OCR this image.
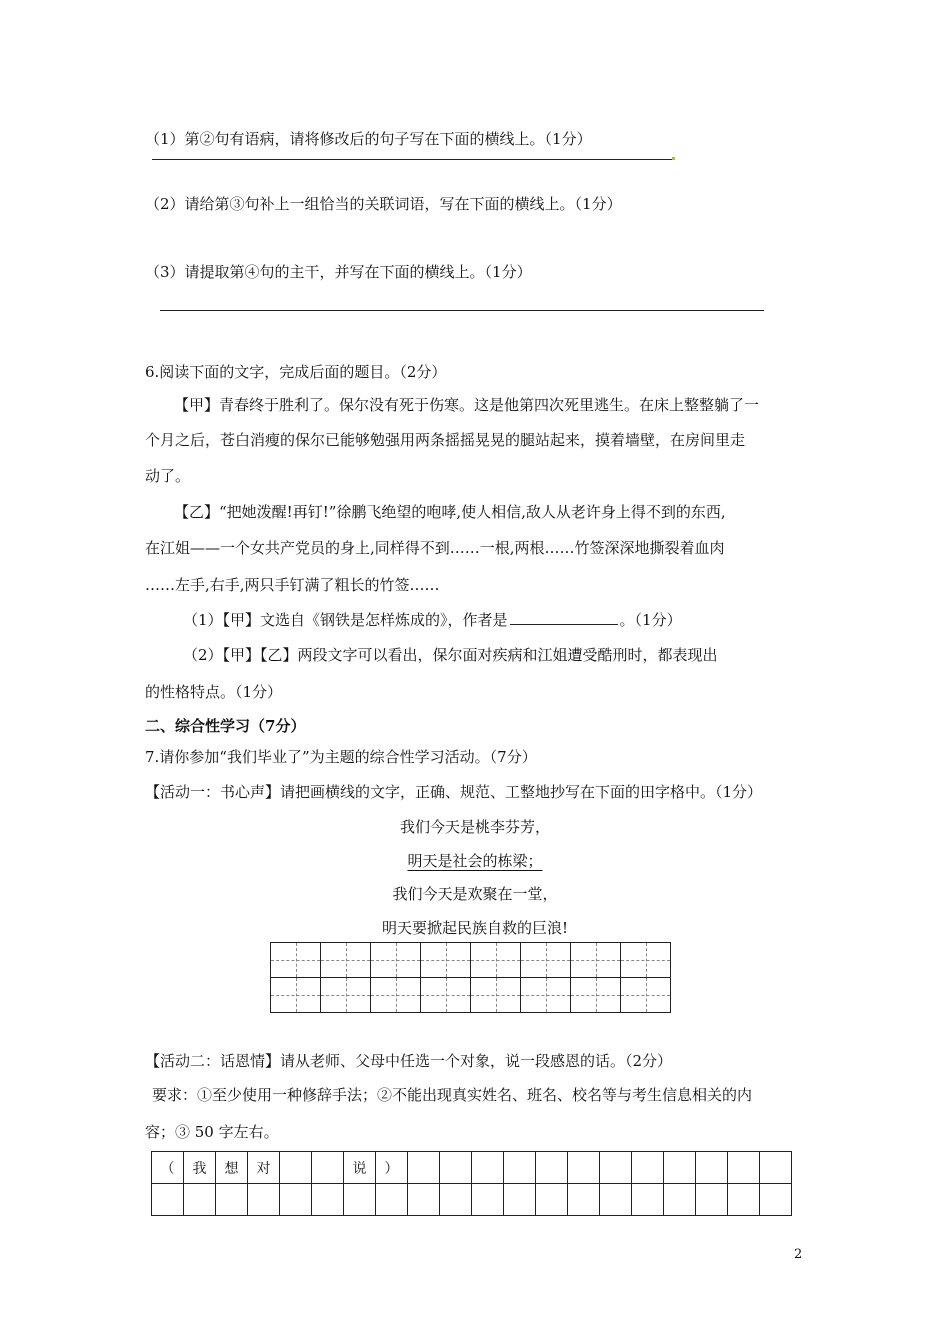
（1）第②句有语病，请将修改后的句子写在下面的横线上。（1分）
（2）请给第③句补上一组恰当的关联词语，写在下面的横线上。（1分）
（3）请提取第④句的主干，并写在下面的横线上。（1分）
6.阅读下面的文字，完成后面的题目。（2分）
【甲】青春终于胜利了。保尔没有死于伤寒。这是他第四次死里逃生。在床上整整躺了一
个月之后，苍白消瘦的保尔已能够勉强用两条摇摇晃晃的腿站起来，摸着墙壁，在房间里走
动了。
【乙】“把她泼醒!再钉!”徐鹏飞绝望的咆哮,使人相信,敌人从老许身上得不到的东西,
在江姐——一个女共产党员的身上,同样得不到……一根,两根……竹签深深地撕裂着血肉
……左手,右手,两只手钉满了粗长的竹签……
（1）【甲】文选自《钢铁是怎样炼成的》，作者是	。（1分）
（2）【甲】【乙】两段文字可以看出，保尔面对疾病和江姐遭受酷刑时，都表现出
的性格特点。（1分）
二、综合性学习（7分）
7.请你参加“我们毕业了”为主题的综合性学习活动。（7分）
【活动一：书心声】请把画横线的文字，正确、规范、工整地抄写在下面的田字格中。（1分）
我们今天是桃李芬芳，
明天是社会的栋梁；
我们今天是欢聚在一堂，
明天要掀起民族自救的巨浪!

【活动二：话恩情】请从老师、父母中任选一个对象，说一段感恩的话。（2分）
要求：①至少使用一种修辞手法；②不能出现真实姓名、班名、校名等与考生信息相关的内
容；③ 50 字左右。
（	我	想	对			说	）												

2
